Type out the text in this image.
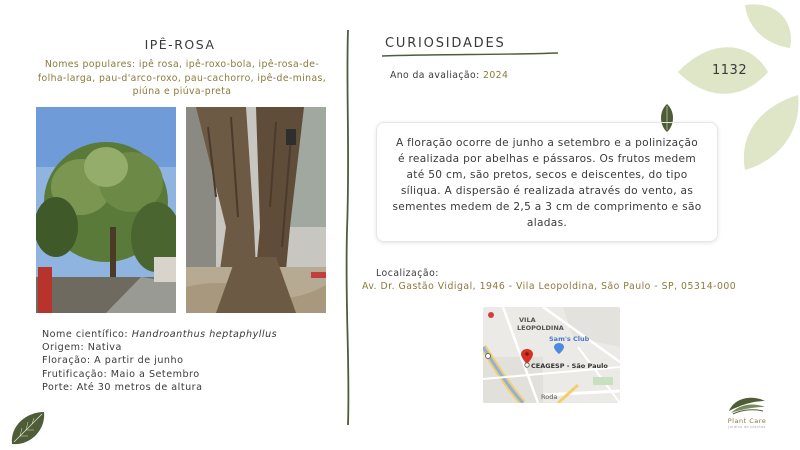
IPÊ-ROSA
Nomes populares: ipê rosa, ipê-roxo-bola, ipê-rosa-de-folha-larga, pau-d'arco-roxo, pau-cachorro, ipê-de-minas, piúna e piúva-preta
Nome científico: Handroanthus heptaphyllus
Origem: Nativa
Floração: A partir de junho
Frutificação: Maio a Setembro
Porte: Até 30 metros de altura
CURIOSIDADES
Ano da avaliação: 2024	1132
A floração ocorre de junho a setembro e a polinização é realizada por abelhas e pássaros. Os frutos medem até 50 cm, são pretos, secos e deiscentes, do tipo síliqua. A dispersão é realizada através do vento, as sementes medem de 2,5 a 3 cm de comprimento e são aladas.
Localização:
Av. Dr. Gastão Vidigal, 1946 - Vila Leopoldina, São Paulo - SP, 05314-000
VILA
LEOPOLDINA
Sam's Club
CEAGESP - São Paulo
Roda
Plant Care
jardins de plantas
